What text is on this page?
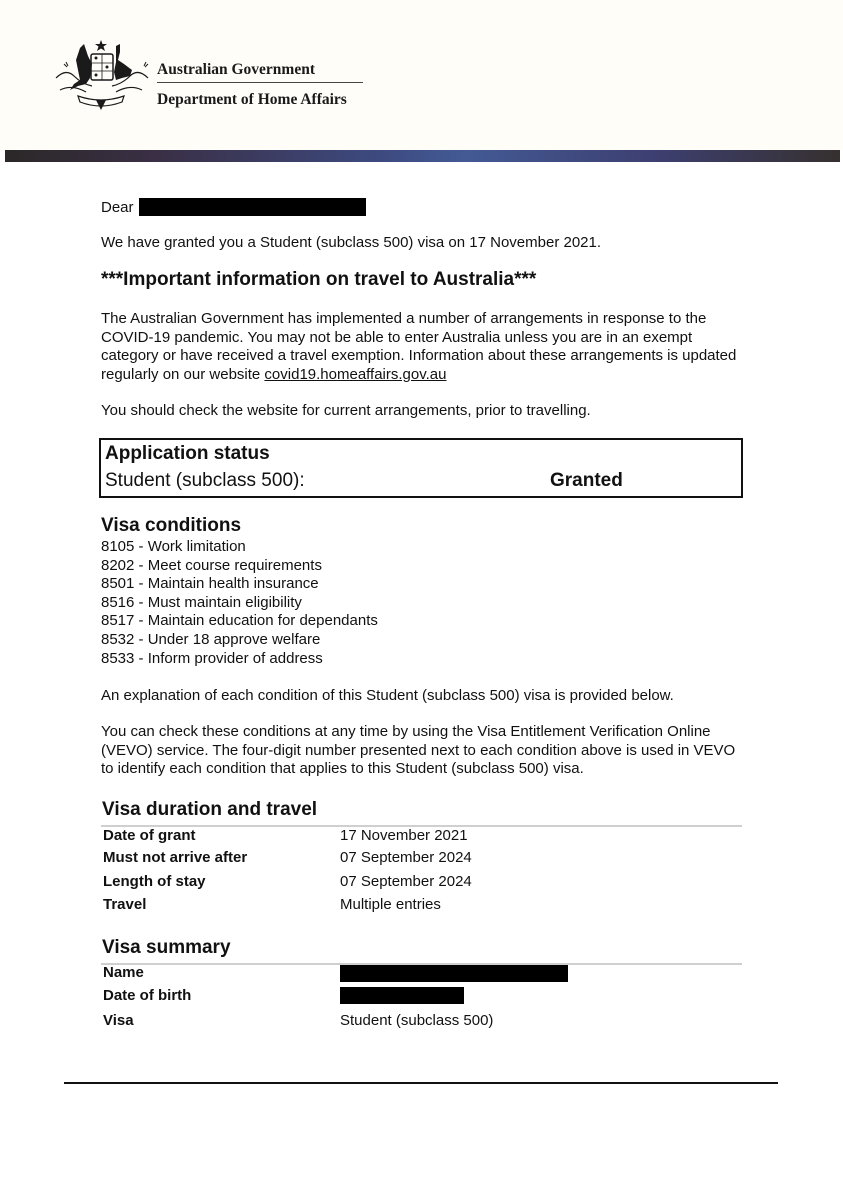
Australian Government
Department of Home Affairs
Dear
We have granted you a Student (subclass 500) visa on 17 November 2021.
***Important information on travel to Australia***
The Australian Government has implemented a number of arrangements in response to the COVID-19 pandemic. You may not be able to enter Australia unless you are in an exempt category or have received a travel exemption. Information about these arrangements is updated regularly on our website covid19.homeaffairs.gov.au
You should check the website for current arrangements, prior to travelling.
Application status
Student (subclass 500):	Granted
Visa conditions
8105 - Work limitation
8202 - Meet course requirements
8501 - Maintain health insurance
8516 - Must maintain eligibility
8517 - Maintain education for dependants
8532 - Under 18 approve welfare
8533 - Inform provider of address
An explanation of each condition of this Student (subclass 500) visa is provided below.
You can check these conditions at any time by using the Visa Entitlement Verification Online (VEVO) service. The four-digit number presented next to each condition above is used in VEVO to identify each condition that applies to this Student (subclass 500) visa.
Visa duration and travel
Date of grant	17 November 2021
Must not arrive after	07 September 2024
Length of stay	07 September 2024
Travel	Multiple entries
Visa summary
Name
Date of birth
Visa	Student (subclass 500)
